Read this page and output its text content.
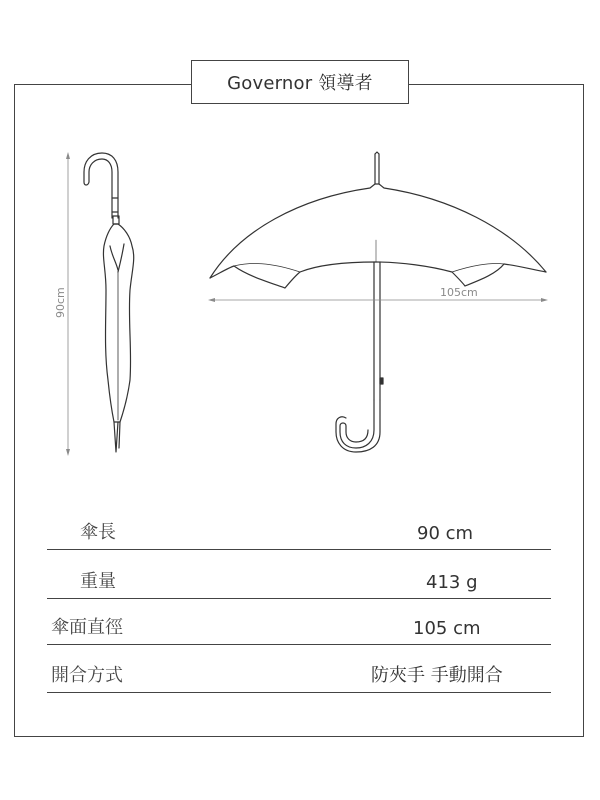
90cm	105cm
Governor 領導者
傘長	90 cm
重量	413 g
傘面直徑	105 cm
開合方式	防夾手 手動開合
